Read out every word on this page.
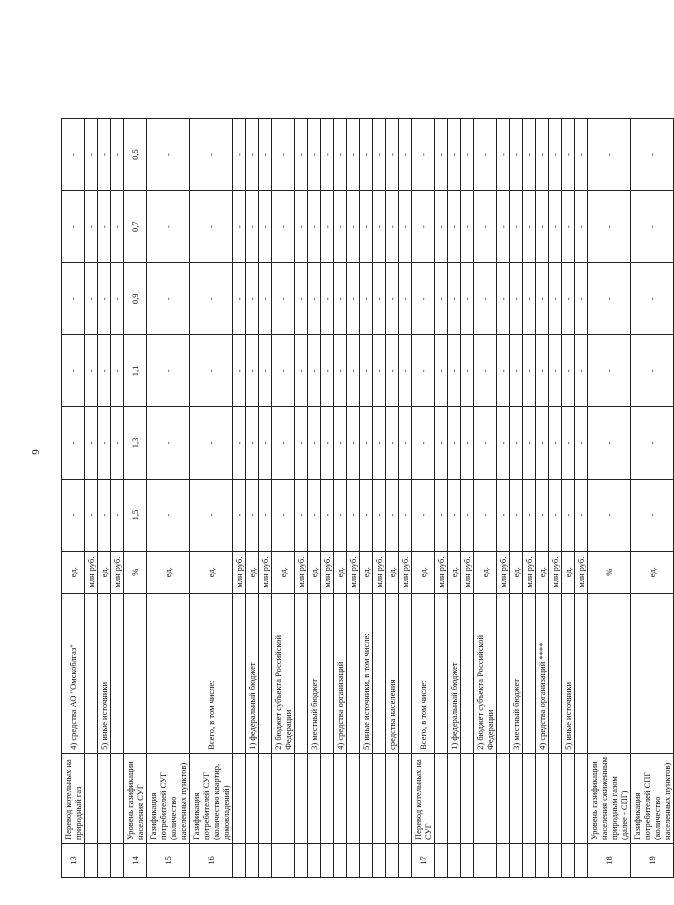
6
13	Перевод котельных на природный газ	4) средства АО "Омскоблгаз"	ед.	-	-	-	-	-	-
			млн руб.	-	-	-	-	-	-
		5) иные источники	ед.	-	-	-	-	-	-
			млн руб.	-	-	-	-	-	-
14	Уровень газификации населения СУГ		%	1,5	1,3	1,1	0,9	0,7	0,5
15	Газификация потребителей СУГ (количество населенных пунктов)		ед.	-	-	-	-	-	-
16	Газификация потребителей СУГ (количество квартир, домовладений)	Всего, в том числе:	ед.	-	-	-	-	-	-
			млн руб.	-	-	-	-	-	-
		1) федеральный бюджет	ед.	-	-	-	-	-	-
			млн руб.	-	-	-	-	-	-
		2) бюджет субъекта Российской Федерации	ед.	-	-	-	-	-	-
			млн руб.	-	-	-	-	-	-
		3) местный бюджет	ед.	-	-	-	-	-	-
			млн руб.	-	-	-	-	-	-
		4) средства организаций	ед.	-	-	-	-	-	-
			млн руб.	-	-	-	-	-	-
		5) иные источники, в том числе:	ед.	-	-	-	-	-	-
			млн руб.	-	-	-	-	-	-
		средства населения	ед.	-	-	-	-	-	-
			млн руб.	-	-	-	-	-	-
17	Перевод котельных на СУГ	Всего, в том числе:	ед.	-	-	-	-	-	-
			млн руб.	-	-	-	-	-	-
		1) федеральный бюджет	ед.	-	-	-	-	-	-
			млн руб.	-	-	-	-	-	-
		2) бюджет субъекта Российской Федерации	ед.	-	-	-	-	-	-
			млн руб.	-	-	-	-	-	-
		3) местный бюджет	ед.	-	-	-	-	-	-
			млн руб.	-	-	-	-	-	-
		4) средства организаций ****	ед.	-	-	-	-	-	-
			млн руб.	-	-	-	-	-	-
		5) иные источники	ед.	-	-	-	-	-	-
			млн руб.	-	-	-	-	-	-
18	Уровень газификации населения сжиженным природным газом (далее - СПГ)		%	-	-	-	-	-	-
19	Газификация потребителей СПГ (количество населенных пунктов)		ед.	-	-	-	-	-	-
